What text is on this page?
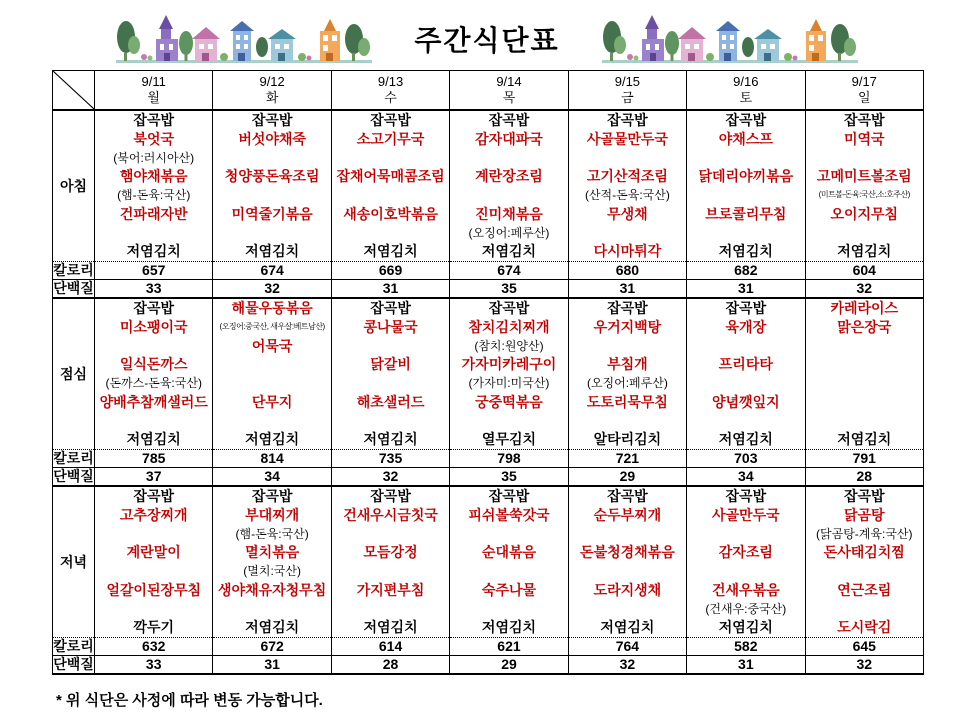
주간식단표

9/11
월

9/12
화

9/13
수

9/14
목

9/15
금

9/16
토

9/17
일

아침	
잡곡밥
북엇국
(북어:러시아산)
햄야채볶음
(햄-돈육:국산)
건파래자반
저염김치

잡곡밥
버섯야채죽
청양풍돈육조림
미역줄기볶음
저염김치

잡곡밥
소고기무국
잡채어묵매콤조림
새송이호박볶음
저염김치

잡곡밥
감자대파국
계란장조림
진미채볶음
(오징어:페루산)
저염김치

잡곡밥
사골물만두국
고기산적조림
(산적-돈육:국산)
무생채
다시마튀각

잡곡밥
야채스프
닭데리야끼볶음
브로콜리무침
저염김치

잡곡밥
미역국
고메미트볼조림
(미트볼-돈육:국산,소:호주산)
오이지무침
저염김치

칼로리	657	674	669	674	680	682	604
단백질	33	32	31	35	31	31	32
점심	
잡곡밥
미소팽이국
일식돈까스
(돈까스-돈육:국산)
양배추참깨샐러드
저염김치

해물우동볶음
(오징어:중국산, 새우살:베트남산)
어묵국
단무지
저염김치

잡곡밥
콩나물국
닭갈비
해초샐러드
저염김치

잡곡밥
참치김치찌개
(참치:원양산)
가자미카레구이
(가자미:미국산)
궁중떡볶음
열무김치

잡곡밥
우거지백탕
부침개
(오징어:페루산)
도토리묵무침
알타리김치

잡곡밥
육개장
프리타타
양념깻잎지
저염김치

카레라이스
맑은장국
저염김치

칼로리	785	814	735	798	721	703	791
단백질	37	34	32	35	29	34	28
저녁	
잡곡밥
고추장찌개
계란말이
얼갈이된장무침
깍두기

잡곡밥
부대찌개
(햄-돈육:국산)
멸치볶음
(멸치:국산)
생야채유자청무침
저염김치

잡곡밥
건새우시금칫국
모듬강정
가지편부침
저염김치

잡곡밥
피쉬볼쑥갓국
순대볶음
숙주나물
저염김치

잡곡밥
순두부찌개
돈불청경채볶음
도라지생채
저염김치

잡곡밥
사골만두국
감자조림
건새우볶음
(건새우:중국산)
저염김치

잡곡밥
닭곰탕
(닭곰탕-계육:국산)
돈사태김치찜
연근조림
도시락김

칼로리	632	672	614	621	764	582	645
단백질	33	31	28	29	32	31	32
* 위 식단은 사정에 따라 변동 가능합니다.
